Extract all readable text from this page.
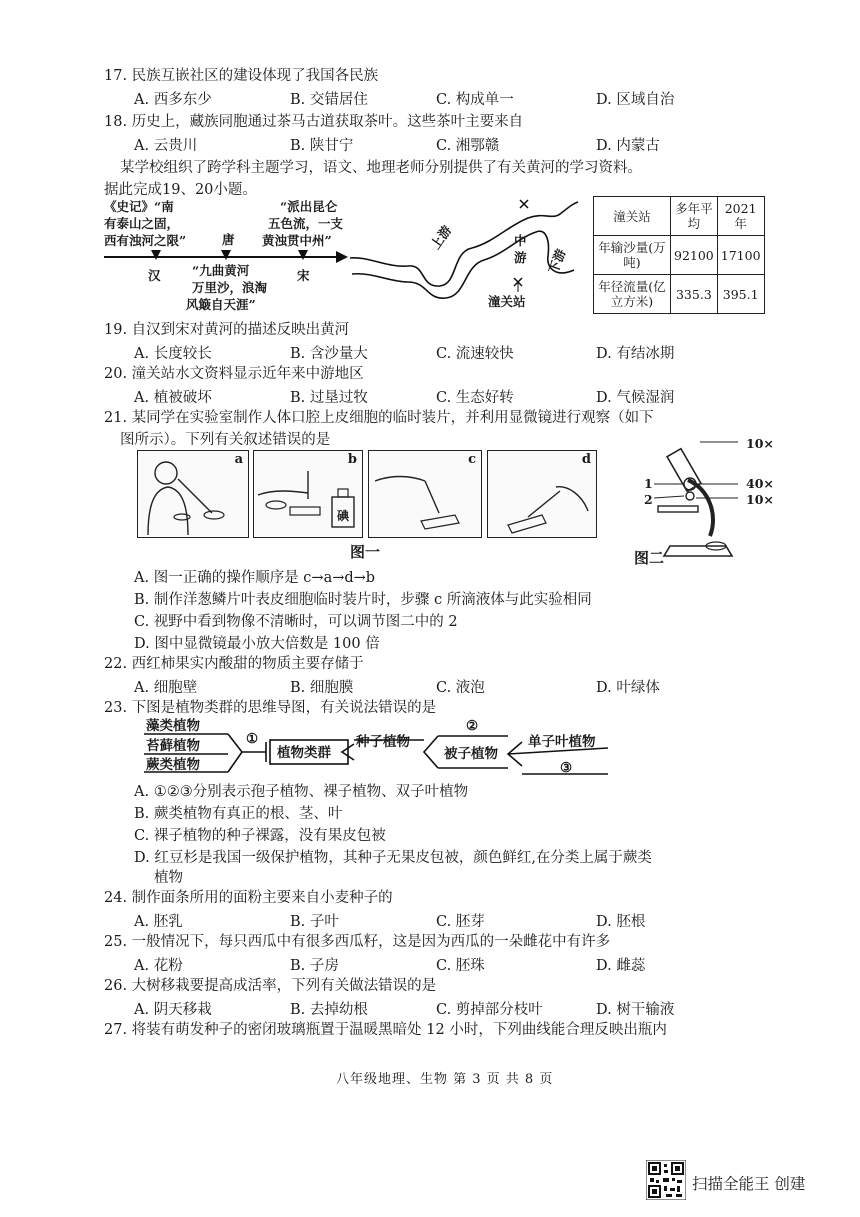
17. 民族互嵌社区的建设体现了我国各民族
A. 西多东少	B. 交错居住	C. 构成单一	D. 区域自治
18. 历史上，藏族同胞通过茶马古道获取茶叶。这些茶叶主要来自
A. 云贵川	B. 陕甘宁	C. 湘鄂赣	D. 内蒙古
某学校组织了跨学科主题学习，语文、地理老师分别提供了有关黄河的学习资料。
据此完成19、20小题。
《史记》“南
有泰山之固，
西有浊河之限”
“派出昆仑
五色流，一支
黄浊贯中州”
唐
汉	宋
“九曲黄河
万里沙，浪淘
风簸自天涯”
上游	中
游 下游
潼关站
潼关站	多年平均	2021年
年输沙量(万吨)	92100	17100
年径流量(亿立方米)	335.3	395.1
19. 自汉到宋对黄河的描述反映出黄河
A. 长度较长	B. 含沙量大	C. 流速较快	D. 有结冰期
20. 潼关站水文资料显示近年来中游地区
A. 植被破坏	B. 过垦过牧	C. 生态好转	D. 气候湿润
21. 某同学在实验室制作人体口腔上皮细胞的临时装片，并利用显微镜进行观察（如下
图所示）。下列有关叙述错误的是
a	b
碘
c	d
图一
10×
40×
10×
1
2
图二
A. 图一正确的操作顺序是 c→a→d→b
B. 制作洋葱鳞片叶表皮细胞临时装片时，步骤 c 所滴液体与此实验相同
C. 视野中看到物像不清晰时，可以调节图二中的 2
D. 图中显微镜最小放大倍数是 100 倍
22. 西红柿果实内酸甜的物质主要存储于
A. 细胞壁	B. 细胞膜	C. 液泡	D. 叶绿体
23. 下图是植物类群的思维导图，有关说法错误的是
藻类植物
苔藓植物
蕨类植物
①
植物类群
种子植物
②
被子植物
单子叶植物
③
A. ①②③分别表示孢子植物、裸子植物、双子叶植物
B. 蕨类植物有真正的根、茎、叶
C. 裸子植物的种子裸露，没有果皮包被
D. 红豆杉是我国一级保护植物，其种子无果皮包被，颜色鲜红,在分类上属于蕨类
植物
24. 制作面条所用的面粉主要来自小麦种子的
A. 胚乳	B. 子叶	C. 胚芽	D. 胚根
25. 一般情况下，每只西瓜中有很多西瓜籽，这是因为西瓜的一朵雌花中有许多
A. 花粉	B. 子房	C. 胚珠	D. 雌蕊
26. 大树移栽要提高成活率，下列有关做法错误的是
A. 阴天移栽	B. 去掉幼根	C. 剪掉部分枝叶	D. 树干输液
27. 将装有萌发种子的密闭玻璃瓶置于温暖黑暗处 12 小时，下列曲线能合理反映出瓶内
八年级地理、生物 第 3 页 共 8 页
扫描全能王 创建
